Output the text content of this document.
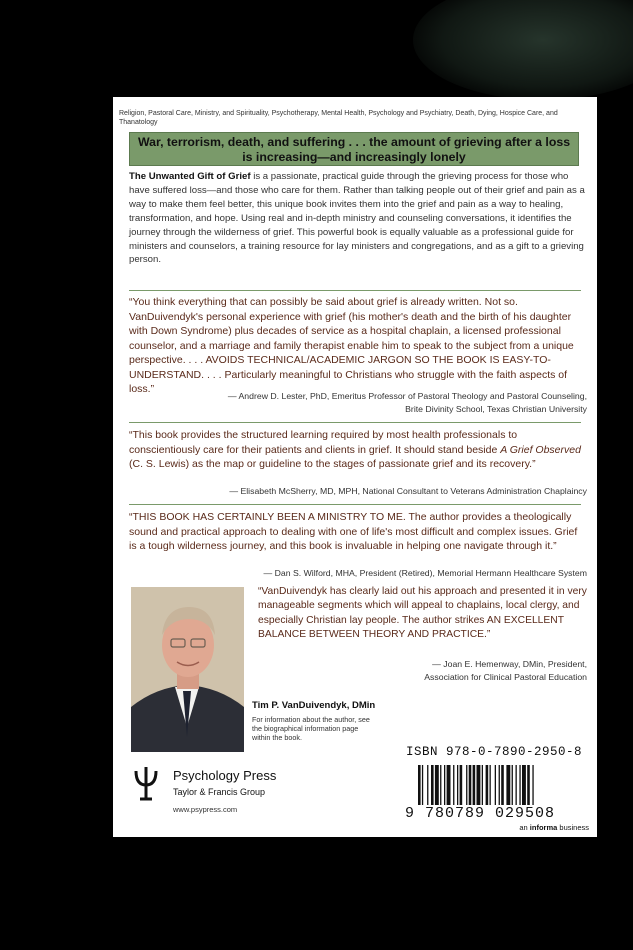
Religion, Pastoral Care, Ministry, and Spirituality, Psychotherapy, Mental Health, Psychology and Psychiatry, Death, Dying, Hospice Care, and Thanatology
War, terrorism, death, and suffering . . . the amount of grieving after a loss
is increasing—and increasingly lonely
The Unwanted Gift of Grief is a passionate, practical guide through the grieving process for those who have suffered loss—and those who care for them. Rather than talking people out of their grief and pain as a way to make them feel better, this unique book invites them into the grief and pain as a way to healing, transformation, and hope. Using real and in-depth ministry and counseling conversations, it identifies the journey through the wilderness of grief. This powerful book is equally valuable as a professional guide for ministers and counselors, a training resource for lay ministers and congregations, and as a gift to a grieving person.
“You think everything that can possibly be said about grief is already written. Not so. VanDuivendyk's personal experience with grief (his mother's death and the birth of his daughter with Down Syndrome) plus decades of service as a hospital chaplain, a licensed professional counselor, and a marriage and family therapist enable him to speak to the subject from a unique perspective. . . . AVOIDS TECHNICAL/ACADEMIC JARGON SO THE BOOK IS EASY-TO-UNDERSTAND. . . . Particularly meaningful to Christians who struggle with the faith aspects of loss.”
— Andrew D. Lester, PhD, Emeritus Professor of Pastoral Theology and Pastoral Counseling,
Brite Divinity School, Texas Christian University
“This book provides the structured learning required by most health professionals to conscientiously care for their patients and clients in grief. It should stand beside A Grief Observed (C. S. Lewis) as the map or guideline to the stages of passionate grief and its recovery.”
— Elisabeth McSherry, MD, MPH, National Consultant to Veterans Administration Chaplaincy
“THIS BOOK HAS CERTAINLY BEEN A MINISTRY TO ME. The author provides a theologically sound and practical approach to dealing with one of life's most difficult and complex issues. Grief is a tough wilderness journey, and this book is invaluable in helping one navigate through it.”
— Dan S. Wilford, MHA, President (Retired), Memorial Hermann Healthcare System
“VanDuivendyk has clearly laid out his approach and presented it in very manageable segments which will appeal to chaplains, local clergy, and especially Christian lay people. The author strikes AN EXCELLENT BALANCE BETWEEN THEORY AND PRACTICE.”
— Joan E. Hemenway, DMin, President,
Association for Clinical Pastoral Education
Tim P. VanDuivendyk, DMin
For information about the author, see the biographical information page within the book.
Psychology Press
Taylor & Francis Group
www.psypress.com
ISBN 978-0-7890-2950-8
9 780789 029508
an informa business
